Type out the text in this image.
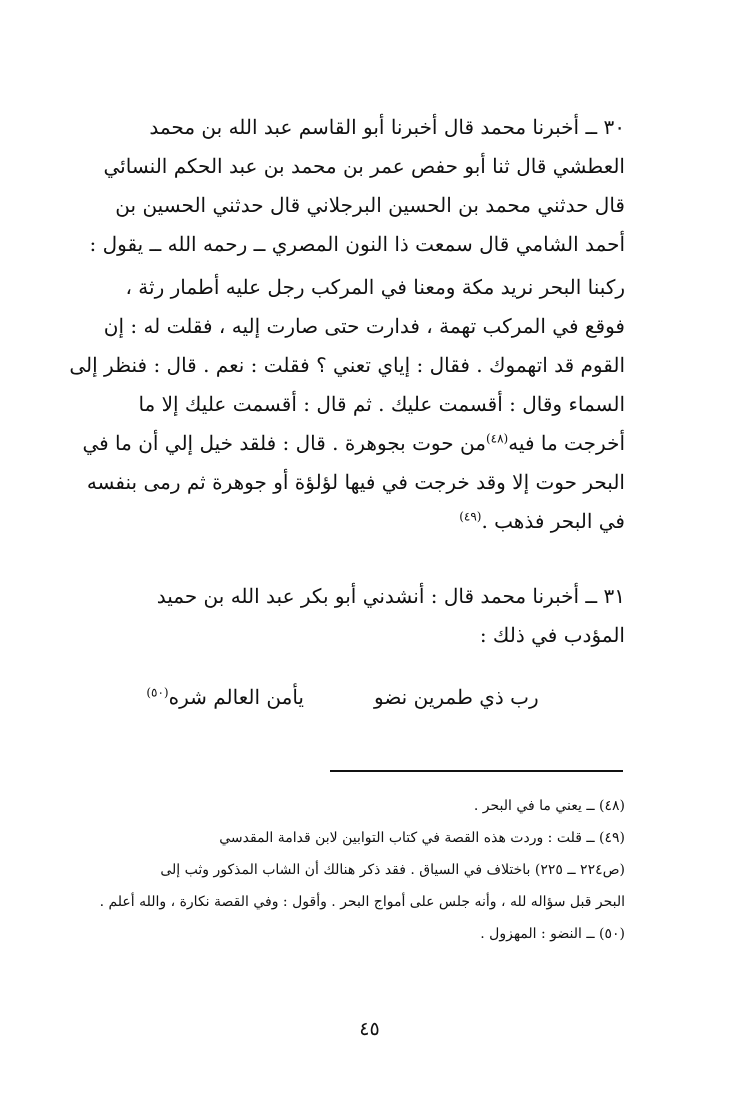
٣٠ ــ أخبرنا محمد قال أخبرنا أبو القاسم عبد الله بن محمد
العطشي قال ثنا أبو حفص عمر بن محمد بن عبد الحكم النسائي
قال حدثني محمد بن الحسين البرجلاني قال حدثني الحسين بن
أحمد الشامي قال سمعت ذا النون المصري ــ رحمه الله ــ يقول :

ركبنا البحر نريد مكة ومعنا في المركب رجل عليه أطمار رثة ،
فوقع في المركب تهمة ، فدارت حتى صارت إليه ، فقلت له : إن
القوم قد اتهموك . فقال : إياي تعني ؟ فقلت : نعم . قال : فنظر إلى
السماء وقال : أقسمت عليك . ثم قال : أقسمت عليك إلا ما
أخرجت ما فيه$^{(٤٨)}$من حوت بجوهرة . قال : فلقد خيل إلي أن ما في
البحر حوت إلا وقد خرجت في فيها لؤلؤة أو جوهرة ثم رمى بنفسه
في البحر فذهب .$^{(٤٩)}$

٣١ ــ أخبرنا محمد قال : أنشدني أبو بكر عبد الله بن حميد
المؤدب في ذلك :

رب ذي طمرين نضو
يأمن العالم شره$^{(٥٠)}$

(٤٨) ــ يعني ما في البحر .

(٤٩) ــ قلت : وردت هذه القصة في كتاب التوابين لابن قدامة المقدسي

(ص٢٢٤ ــ ٢٢٥) باختلاف في السياق . فقد ذكر هنالك أن الشاب المذكور وثب إلى

البحر قبل سؤاله لله ، وأنه جلس على أمواج البحر . وأقول : وفي القصة نكارة ، والله أعلم .

(٥٠) ــ النضو : المهزول .

٤٥
